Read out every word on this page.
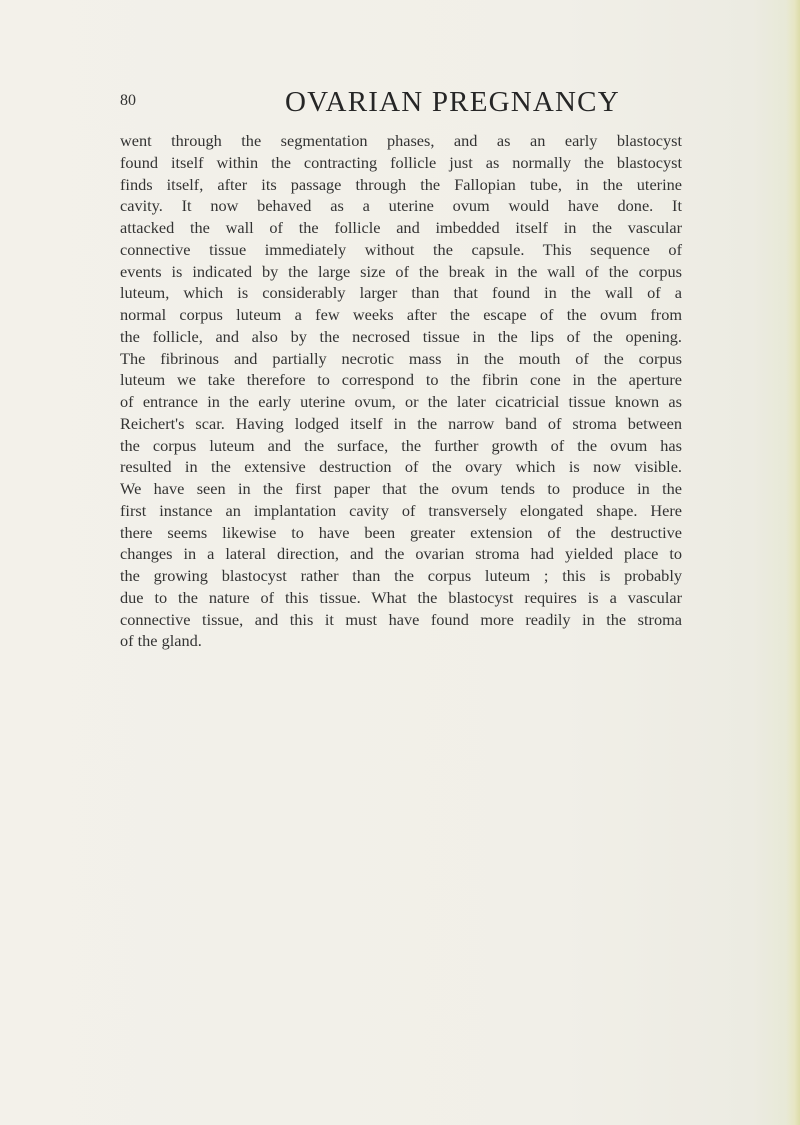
80	OVARIAN PREGNANCY
went through the segmentation phases, and as an early blastocyst
found itself within the contracting follicle just as normally the blastocyst
finds itself, after its passage through the Fallopian tube, in the uterine
cavity. It now behaved as a uterine ovum would have done. It
attacked the wall of the follicle and imbedded itself in the vascular
connective tissue immediately without the capsule. This sequence of
events is indicated by the large size of the break in the wall of the corpus
luteum, which is considerably larger than that found in the wall of a
normal corpus luteum a few weeks after the escape of the ovum from
the follicle, and also by the necrosed tissue in the lips of the opening.
The fibrinous and partially necrotic mass in the mouth of the corpus
luteum we take therefore to correspond to the fibrin cone in the aperture
of entrance in the early uterine ovum, or the later cicatricial tissue known as
Reichert's scar. Having lodged itself in the narrow band of stroma between
the corpus luteum and the surface, the further growth of the ovum has
resulted in the extensive destruction of the ovary which is now visible.
We have seen in the first paper that the ovum tends to produce in the
first instance an implantation cavity of transversely elongated shape. Here
there seems likewise to have been greater extension of the destructive
changes in a lateral direction, and the ovarian stroma had yielded place to
the growing blastocyst rather than the corpus luteum ; this is probably
due to the nature of this tissue. What the blastocyst requires is a vascular
connective tissue, and this it must have found more readily in the stroma
of the gland.
